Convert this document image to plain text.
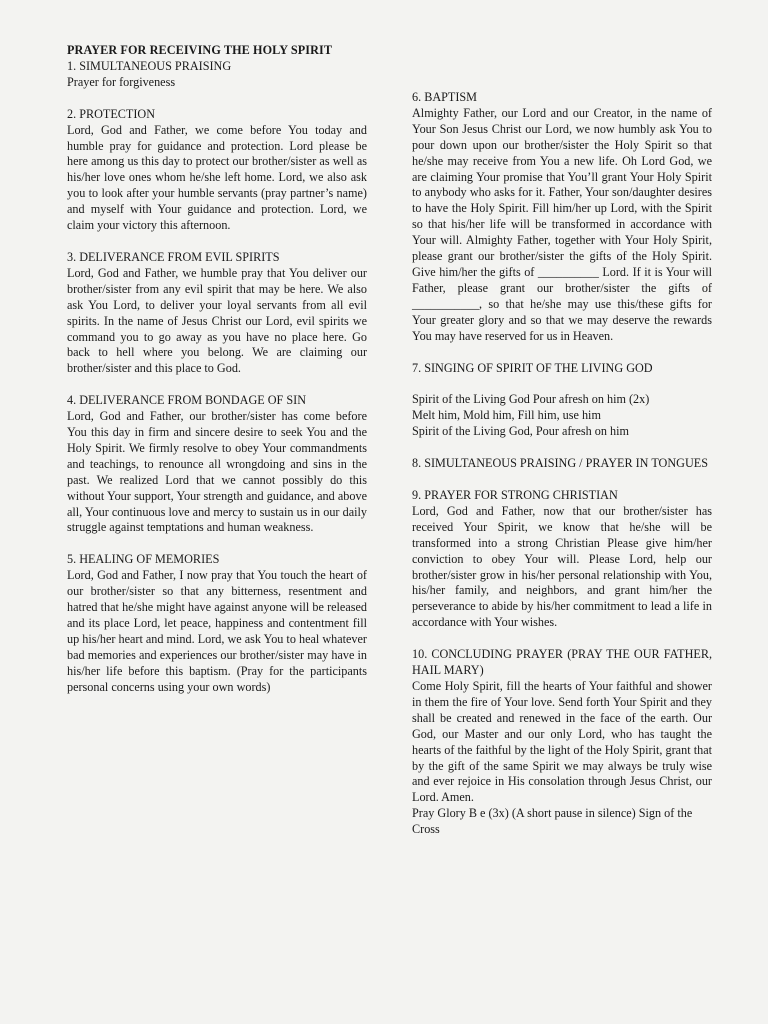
PRAYER FOR RECEIVING THE HOLY SPIRIT

1. SIMULTANEOUS PRAISING

Prayer for forgiveness

2. PROTECTION

Lord, God and Father, we come before You today and humble pray for guidance and protection. Lord please be here among us this day to protect our brother/sister as well as his/her love ones whom he/she left home. Lord, we also ask you to look after your humble servants (pray partner’s name) and myself with Your guidance and protection. Lord, we claim your victory this afternoon.

3. DELIVERANCE FROM EVIL SPIRITS

Lord, God and Father, we humble pray that You deliver our brother/sister from any evil spirit that may be here. We also ask You Lord, to deliver your loyal servants from all evil spirits. In the name of Jesus Christ our Lord, evil spirits we command you to go away as you have no place here. Go back to hell where you belong. We are claiming our brother/sister and this place to God.

4. DELIVERANCE FROM BONDAGE OF SIN

Lord, God and Father, our brother/sister has come before You this day in firm and sincere desire to seek You and the Holy Spirit. We firmly resolve to obey Your commandments and teachings, to renounce all wrongdoing and sins in the past. We realized Lord that we cannot possibly do this without Your support, Your strength and guidance, and above all, Your continuous love and mercy to sustain us in our daily struggle against temptations and human weakness.

5. HEALING OF MEMORIES

Lord, God and Father, I now pray that You touch the heart of our brother/sister so that any bitterness, resentment and hatred that he/she might have against anyone will be released and its place Lord, let peace, happiness and contentment fill up his/her heart and mind. Lord, we ask You to heal whatever bad memories and experiences our brother/sister may have in his/her life before this baptism. (Pray for the participants personal concerns using your own words)

6. BAPTISM

Almighty Father, our Lord and our Creator, in the name of Your Son Jesus Christ our Lord, we now humbly ask You to pour down upon our brother/sister the Holy Spirit so that he/she may receive from You a new life. Oh Lord God, we are claiming Your promise that You’ll grant Your Holy Spirit to anybody who asks for it. Father, Your son/daughter desires to have the Holy Spirit. Fill him/her up Lord, with the Spirit so that his/her life will be transformed in accordance with Your will. Almighty Father, together with Your Holy Spirit, please grant our brother/sister the gifts of the Holy Spirit. Give him/her the gifts of __________ Lord. If it is Your will Father, please grant our brother/sister the gifts of ___________, so that he/she may use this/these gifts for Your greater glory and so that we may deserve the rewards You may have reserved for us in Heaven.

7. SINGING OF SPIRIT OF THE LIVING GOD

Spirit of the Living God Pour afresh on him (2x)

Melt him, Mold him, Fill him, use him

Spirit of the Living God, Pour afresh on him

8. SIMULTANEOUS PRAISING / PRAYER IN TONGUES

9. PRAYER FOR STRONG CHRISTIAN

Lord, God and Father, now that our brother/sister has received Your Spirit, we know that he/she will be transformed into a strong Christian Please give him/her conviction to obey Your will. Please Lord, help our brother/sister grow in his/her personal relationship with You, his/her family, and neighbors, and grant him/her the perseverance to abide by his/her commitment to lead a life in accordance with Your wishes.

10. CONCLUDING PRAYER (PRAY THE OUR FATHER, HAIL MARY)

Come Holy Spirit, fill the hearts of Your faithful and shower in them the fire of Your love. Send forth Your Spirit and they shall be created and renewed in the face of the earth. Our God, our Master and our only Lord, who has taught the hearts of the faithful by the light of the Holy Spirit, grant that by the gift of the same Spirit we may always be truly wise and ever rejoice in His consolation through Jesus Christ, our Lord. Amen.

Pray Glory B e (3x) (A short pause in silence) Sign of the Cross
